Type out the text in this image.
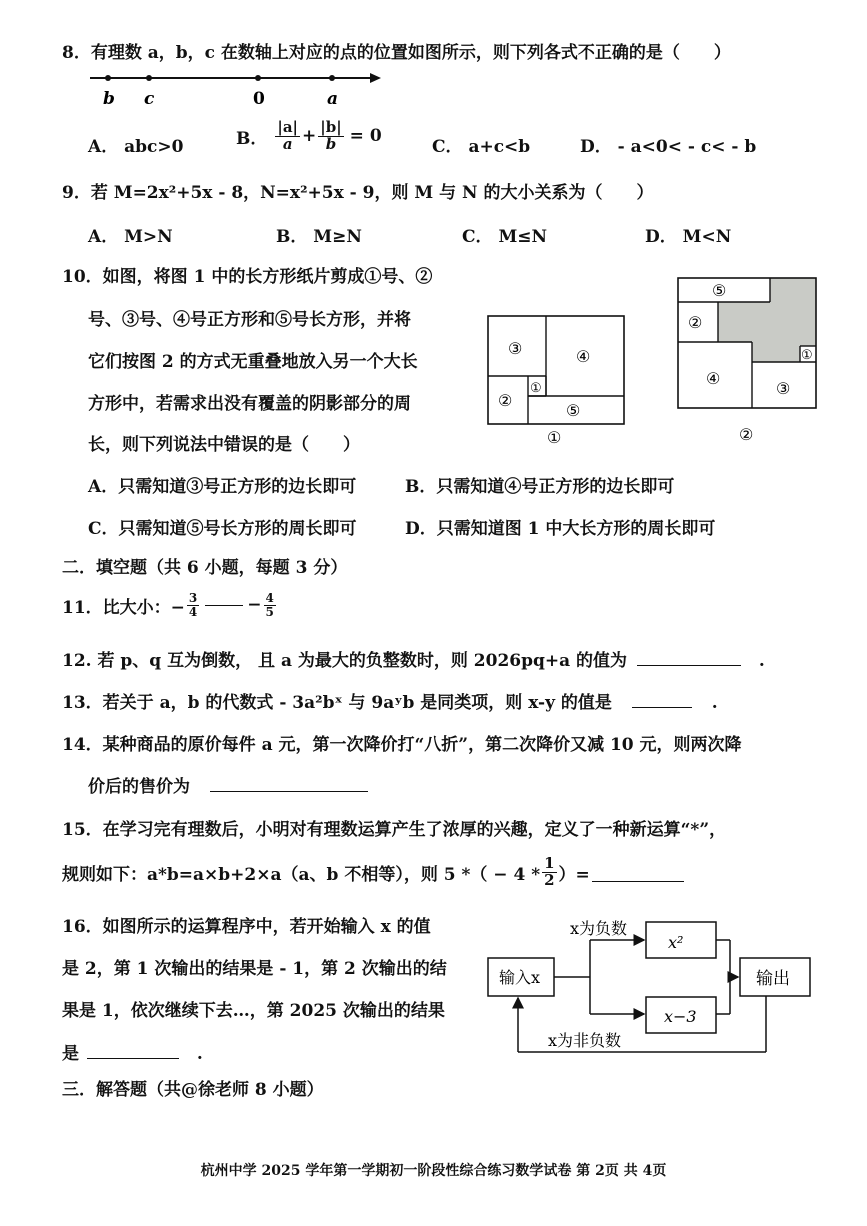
8．有理数 a，b，c 在数轴上对应的点的位置如图所示，则下列各式不正确的是（　　）
b c	0	a
A． abc>0	B． $\frac{|a|}{a} + \frac{|b|}{b} = 0$
C． a+c<b	D． - a<0< - c< - b
9．若 M=2x²+5x - 8，N=x²+5x - 9，则 M 与 N 的大小关系为（　　）
A． M>N	B． M≥N	C． M≤N	D． M<N
10．如图，将图 1 中的长方形纸片剪成①号、②
号、③号、④号正方形和⑤号长方形，并将
它们按图 2 的方式无重叠地放入另一个大长
方形中，若需求出没有覆盖的阴影部分的周
长，则下列说法中错误的是（　　）
③	④
②
①
⑤
①
⑤
②
①
④
③
②
A．只需知道③号正方形的边长即可	B．只需知道④号正方形的边长即可
C．只需知道⑤号长方形的周长即可	D．只需知道图 1 中大长方形的周长即可
二．填空题（共 6 小题，每题 3 分）
11．比大小：− $\frac{3}{4}$	− $\frac{4}{5}$
12. 若 p、q 互为倒数， 且 a 为最大的负整数时，则 2026pq+a 的值为	.
13．若关于 a，b 的代数式 - 3a²bˣ 与 9aʸb 是同类项，则 x-y 的值是	.
14．某种商品的原价每件 a 元，第一次降价打“八折”，第二次降价又减 10 元，则两次降
价后的售价为
15．在学习完有理数后，小明对有理数运算产生了浓厚的兴趣，定义了一种新运算“*”，
规则如下：a*b=a×b+2×a（a、b 不相等），则 5 *（ − $4 * \frac{1}{2}$ ）=
16．如图所示的运算程序中，若开始输入 x 的值
是 2，第 1 次输出的结果是 - 1，第 2 次输出的结
果是 1，依次继续下去…，第 2025 次输出的结果
是	.
输入x
x为负数
x²
x−3
输出
x为非负数
三．解答题（共@徐老师 8 小题）
杭州中学 2025 学年第一学期初一阶段性综合练习数学试卷 第 2页 共 4页
